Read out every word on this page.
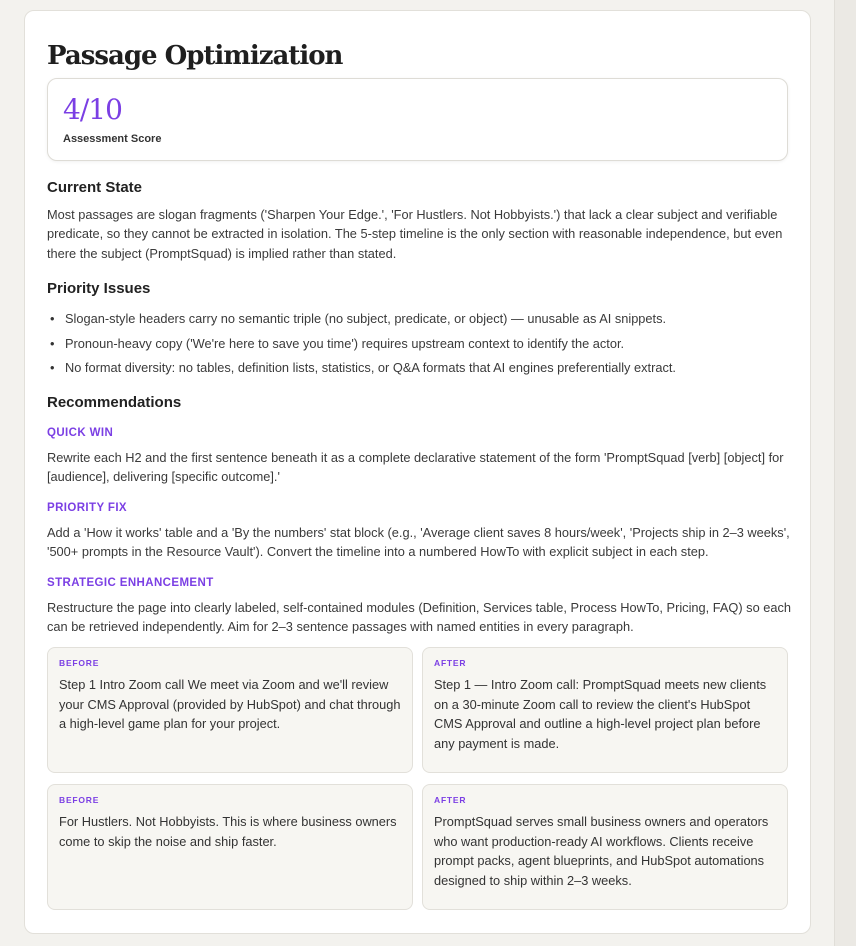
Passage Optimization
4/10
Assessment Score
Current State
Most passages are slogan fragments ('Sharpen Your Edge.', 'For Hustlers. Not Hobbyists.') that lack a clear subject and verifiable predicate, so they cannot be extracted in isolation. The 5-step timeline is the only section with reasonable independence, but even there the subject (PromptSquad) is implied rather than stated.
Priority Issues
• Slogan-style headers carry no semantic triple (no subject, predicate, or object) — unusable as AI snippets.
• Pronoun-heavy copy ('We're here to save you time') requires upstream context to identify the actor.
• No format diversity: no tables, definition lists, statistics, or Q&A formats that AI engines preferentially extract.
Recommendations
QUICK WIN
Rewrite each H2 and the first sentence beneath it as a complete declarative statement of the form 'PromptSquad [verb] [object] for [audience], delivering [specific outcome].'
PRIORITY FIX
Add a 'How it works' table and a 'By the numbers' stat block (e.g., 'Average client saves 8 hours/week', 'Projects ship in 2–3 weeks', '500+ prompts in the Resource Vault'). Convert the timeline into a numbered HowTo with explicit subject in each step.
STRATEGIC ENHANCEMENT
Restructure the page into clearly labeled, self-contained modules (Definition, Services table, Process HowTo, Pricing, FAQ) so each can be retrieved independently. Aim for 2–3 sentence passages with named entities in every paragraph.
BEFORE
Step 1 Intro Zoom call We meet via Zoom and we'll review your CMS Approval (provided by HubSpot) and chat through a high-level game plan for your project.
AFTER
Step 1 — Intro Zoom call: PromptSquad meets new clients on a 30-minute Zoom call to review the client's HubSpot CMS Approval and outline a high-level project plan before any payment is made.
BEFORE
For Hustlers. Not Hobbyists. This is where business owners come to skip the noise and ship faster.
AFTER
PromptSquad serves small business owners and operators who want production-ready AI workflows. Clients receive prompt packs, agent blueprints, and HubSpot automations designed to ship within 2–3 weeks.
